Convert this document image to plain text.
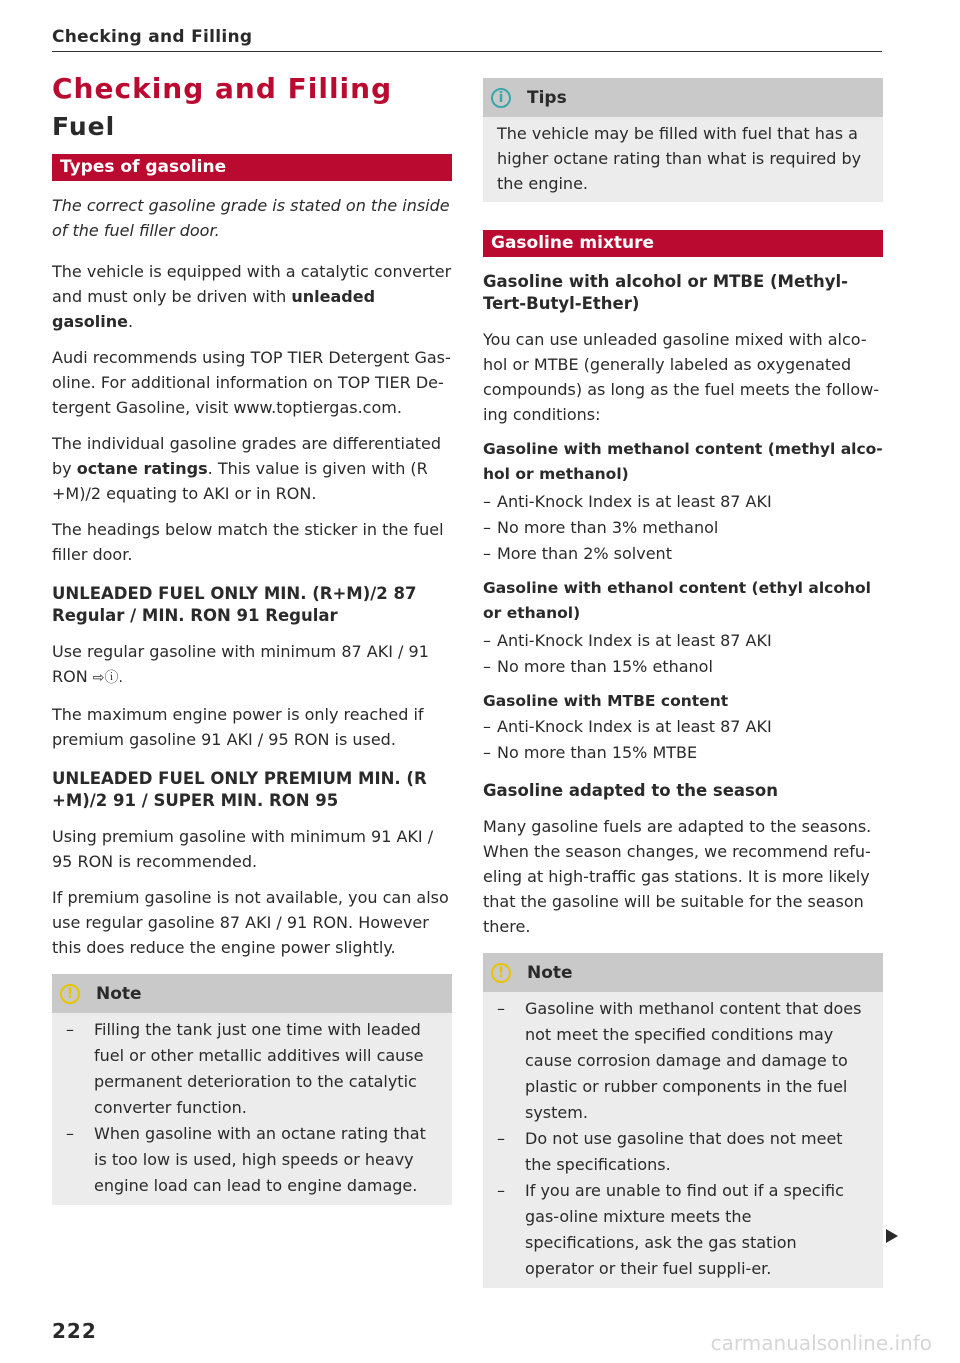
Checking and Filling
Checking and Filling
Fuel
Types of gasoline

The correct gasoline grade is stated on the inside of the fuel filler door.

The vehicle is equipped with a catalytic converter and must only be driven with unleaded gasoline.

Audi recommends using TOP TIER Detergent Gas-oline. For additional information on TOP TIER De-tergent Gasoline, visit www.toptiergas.com.

The individual gasoline grades are differentiated by octane ratings. This value is given with (R +M)/2 equating to AKI or in RON.

The headings below match the sticker in the fuel filler door.

UNLEADED FUEL ONLY MIN. (R+M)/2 87 Regular / MIN. RON 91 Regular

Use regular gasoline with minimum 87 AKI / 91 RON ⇨ⓘ.

The maximum engine power is only reached if premium gasoline 91 AKI / 95 RON is used.

UNLEADED FUEL ONLY PREMIUM MIN. (R +M)/2 91 / SUPER MIN. RON 95

Using premium gasoline with minimum 91 AKI / 95 RON is recommended.

If premium gasoline is not available, you can also use regular gasoline 87 AKI / 91 RON. However this does reduce the engine power slightly.

!	Note
– Filling the tank just one time with leaded fuel or other metallic additives will cause permanent deterioration to the catalytic converter function.
– When gasoline with an octane rating that is too low is used, high speeds or heavy engine load can lead to engine damage.
i	Tips

The vehicle may be filled with fuel that has a higher octane rating than what is required by the engine.

Gasoline mixture
Gasoline with alcohol or MTBE (Methyl-Tert-Butyl-Ether)

You can use unleaded gasoline mixed with alco-hol or MTBE (generally labeled as oxygenated compounds) as long as the fuel meets the follow-ing conditions:

Gasoline with methanol content (methyl alco-hol or methanol)
– Anti-Knock Index is at least 87 AKI
– No more than 3% methanol
– More than 2% solvent
Gasoline with ethanol content (ethyl alcohol or ethanol)
– Anti-Knock Index is at least 87 AKI
– No more than 15% ethanol
Gasoline with MTBE content
– Anti-Knock Index is at least 87 AKI
– No more than 15% MTBE
Gasoline adapted to the season

Many gasoline fuels are adapted to the seasons. When the season changes, we recommend refu-eling at high-traffic gas stations. It is more likely that the gasoline will be suitable for the season there.

!	Note
– Gasoline with methanol content that does not meet the specified conditions may cause corrosion damage and damage to plastic or rubber components in the fuel system.
– Do not use gasoline that does not meet the specifications.
– If you are unable to find out if a specific gas-oline mixture meets the specifications, ask the gas station operator or their fuel suppli-er.
222	carmanualsonline.info
